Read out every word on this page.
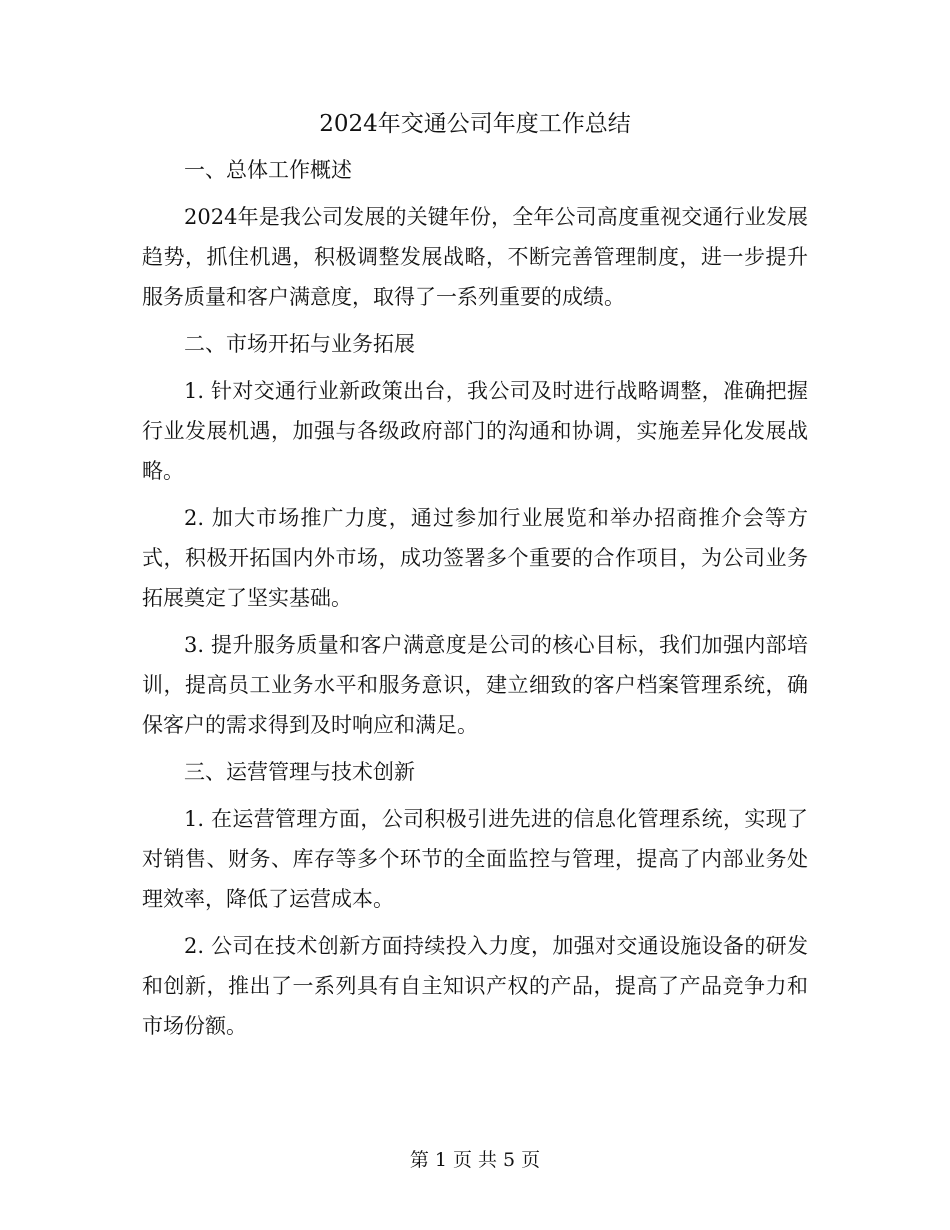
2024年交通公司年度工作总结

一、总体工作概述

2024年是我公司发展的关键年份，全年公司高度重视交通行业发展趋势，抓住机遇，积极调整发展战略，不断完善管理制度，进一步提升服务质量和客户满意度，取得了一系列重要的成绩。

二、市场开拓与业务拓展

1. 针对交通行业新政策出台，我公司及时进行战略调整，准确把握行业发展机遇，加强与各级政府部门的沟通和协调，实施差异化发展战略。

2. 加大市场推广力度，通过参加行业展览和举办招商推介会等方式，积极开拓国内外市场，成功签署多个重要的合作项目，为公司业务拓展奠定了坚实基础。

3. 提升服务质量和客户满意度是公司的核心目标，我们加强内部培训，提高员工业务水平和服务意识，建立细致的客户档案管理系统，确保客户的需求得到及时响应和满足。

三、运营管理与技术创新

1. 在运营管理方面，公司积极引进先进的信息化管理系统，实现了对销售、财务、库存等多个环节的全面监控与管理，提高了内部业务处理效率，降低了运营成本。

2. 公司在技术创新方面持续投入力度，加强对交通设施设备的研发和创新，推出了一系列具有自主知识产权的产品，提高了产品竞争力和市场份额。

第 1 页 共 5 页
